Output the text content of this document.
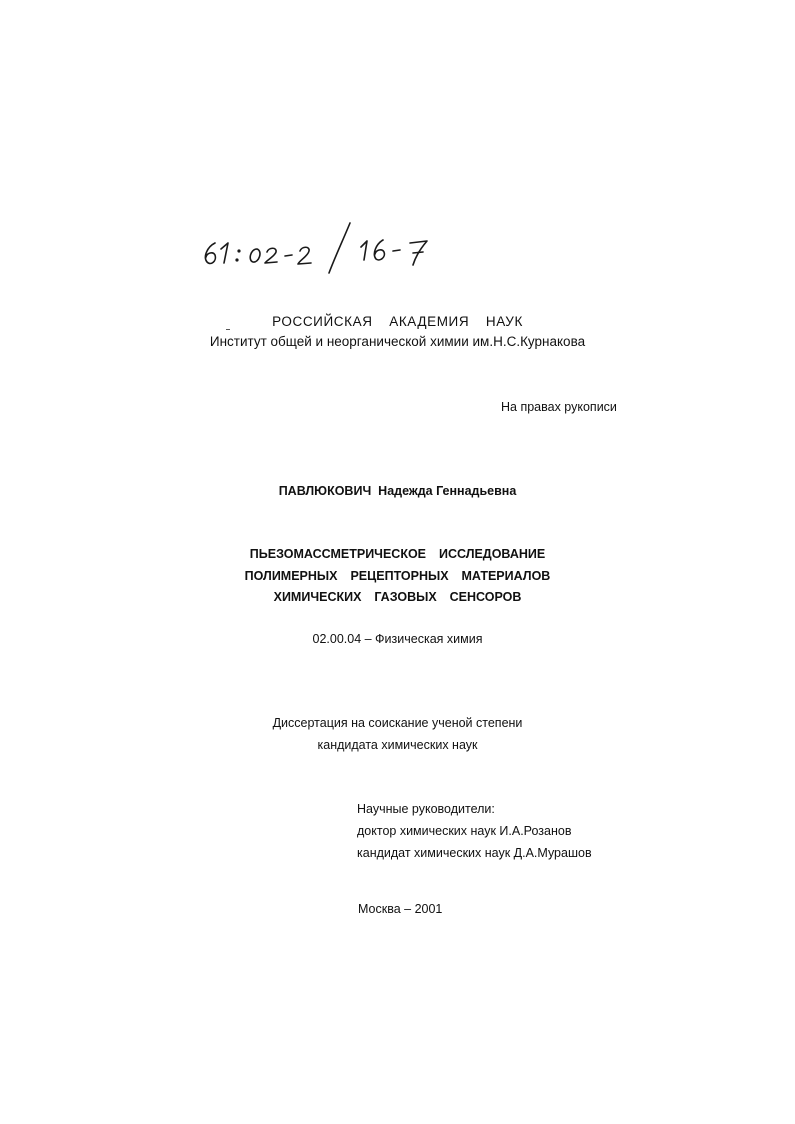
РОССИЙСКАЯ  АКАДЕМИЯ  НАУК
Институт общей и неорганической химии им.Н.С.Курнакова
На правах рукописи
ПАВЛЮКОВИЧ  Надежда Геннадьевна
ПЬЕЗОМАССМЕТРИЧЕСКОЕ  ИССЛЕДОВАНИЕ
ПОЛИМЕРНЫХ  РЕЦЕПТОРНЫХ  МАТЕРИАЛОВ
ХИМИЧЕСКИХ  ГАЗОВЫХ  СЕНСОРОВ
02.00.04 – Физическая химия
Диссертация на соискание ученой степени
кандидата химических наук
Научные руководители:
доктор химических наук И.А.Розанов
кандидат химических наук Д.А.Мурашов
Москва – 2001
